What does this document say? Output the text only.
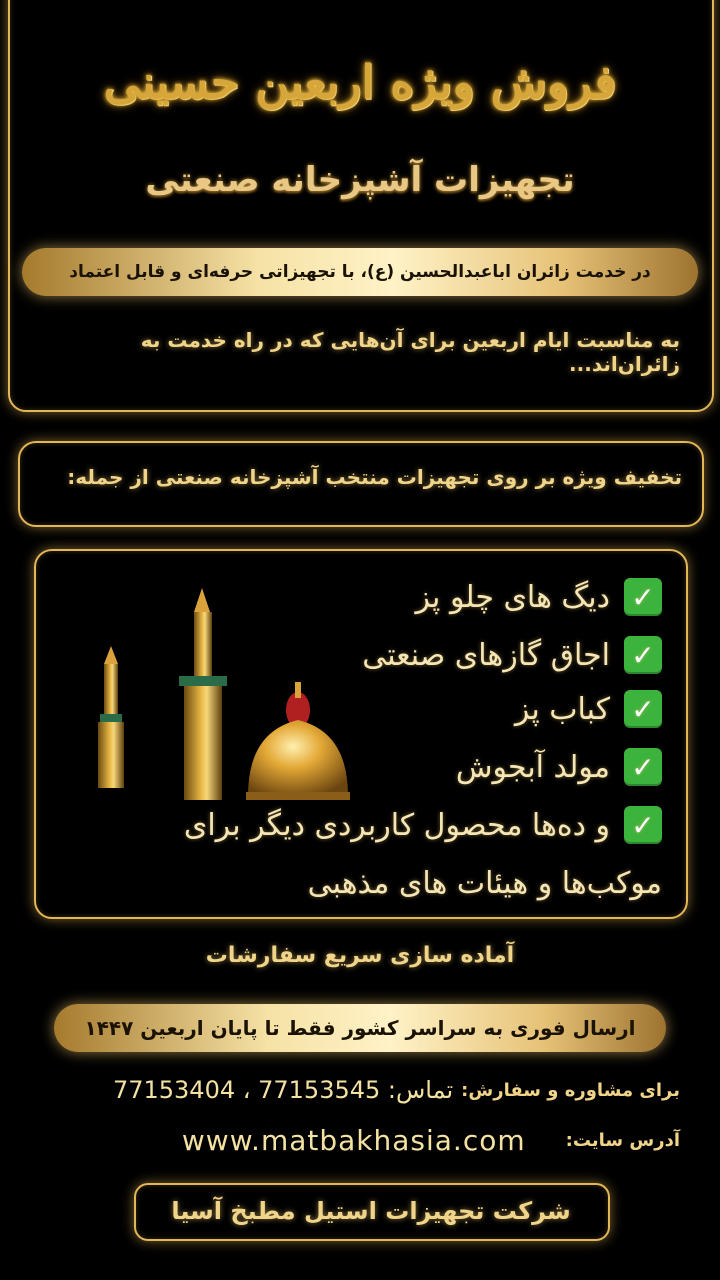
فروش ویژه اربعین حسینی
تجهیزات آشپزخانه صنعتی
در خدمت زائران اباعبدالحسین (ع)، با تجهیزاتی حرفه‌ای و قابل اعتماد
به مناسبت ایام اربعین برای آن‌هایی که در راه خدمت به زائران‌اند...
تخفیف ویژه بر روی تجهیزات منتخب آشپزخانه صنعتی از جمله:
✓
دیگ های چلو پز
✓
اجاق گازهای صنعتی
✓
کباب پز
✓
مولد آبجوش
✓
و ده‌ها محصول کاربردی دیگر برای
موکب‌ها و هیئات های مذهبی
آماده سازی سریع سفارشات
ارسال فوری به سراسر کشور فقط تا پایان اربعین ۱۴۴۷
برای مشاوره و سفارش:
تماس: 77153545 ، 77153404
آدرس سایت:
www.matbakhasia.com
شرکت تجهیزات استیل مطبخ آسیا
